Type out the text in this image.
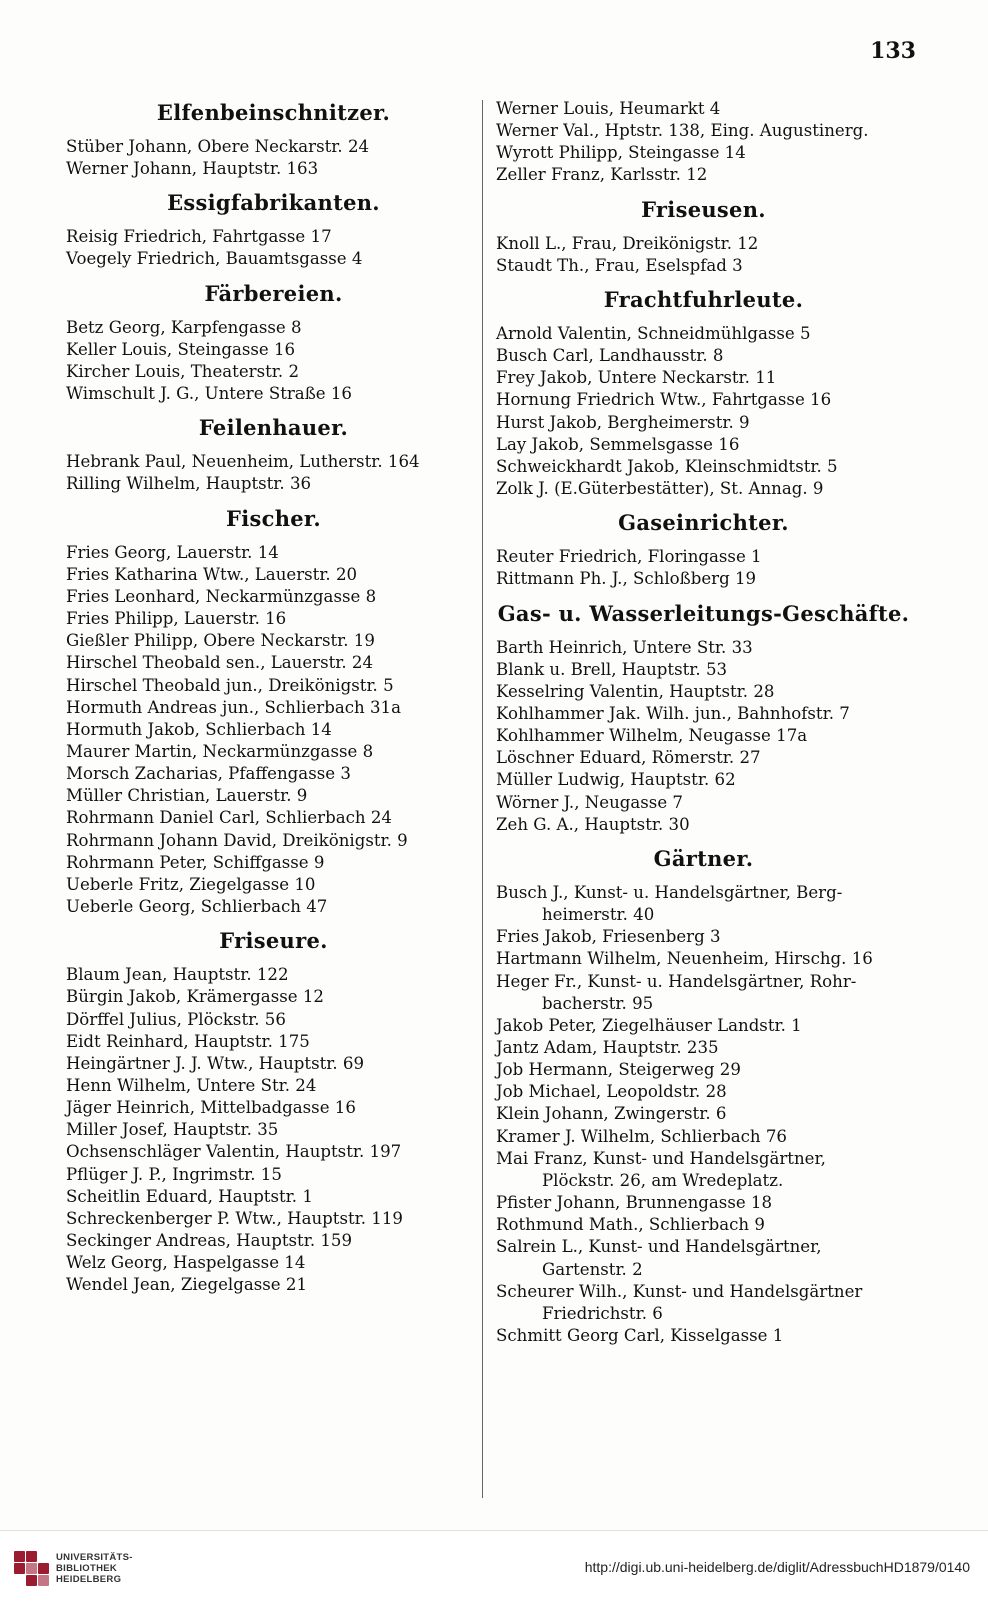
133
Elfenbeinschnitzer.
Stüber Johann, Obere Neckarstr. 24
Werner Johann, Hauptstr. 163
Essigfabrikanten.
Reisig Friedrich, Fahrtgasse 17
Voegely Friedrich, Bauamtsgasse 4
Färbereien.
Betz Georg, Karpfengasse 8
Keller Louis, Steingasse 16
Kircher Louis, Theaterstr. 2
Wimschult J. G., Untere Straße 16
Feilenhauer.
Hebrank Paul, Neuenheim, Lutherstr. 164
Rilling Wilhelm, Hauptstr. 36
Fischer.
Fries Georg, Lauerstr. 14
Fries Katharina Wtw., Lauerstr. 20
Fries Leonhard, Neckarmünzgasse 8
Fries Philipp, Lauerstr. 16
Gießler Philipp, Obere Neckarstr. 19
Hirschel Theobald sen., Lauerstr. 24
Hirschel Theobald jun., Dreikönigstr. 5
Hormuth Andreas jun., Schlierbach 31a
Hormuth Jakob, Schlierbach 14
Maurer Martin, Neckarmünzgasse 8
Morsch Zacharias, Pfaffengasse 3
Müller Christian, Lauerstr. 9
Rohrmann Daniel Carl, Schlierbach 24
Rohrmann Johann David, Dreikönigstr. 9
Rohrmann Peter, Schiffgasse 9
Ueberle Fritz, Ziegelgasse 10
Ueberle Georg, Schlierbach 47
Friseure.
Blaum Jean, Hauptstr. 122
Bürgin Jakob, Krämergasse 12
Dörffel Julius, Plöckstr. 56
Eidt Reinhard, Hauptstr. 175
Heingärtner J. J. Wtw., Hauptstr. 69
Henn Wilhelm, Untere Str. 24
Jäger Heinrich, Mittelbadgasse 16
Miller Josef, Hauptstr. 35
Ochsenschläger Valentin, Hauptstr. 197
Pflüger J. P., Ingrimstr. 15
Scheitlin Eduard, Hauptstr. 1
Schreckenberger P. Wtw., Hauptstr. 119
Seckinger Andreas, Hauptstr. 159
Welz Georg, Haspelgasse 14
Wendel Jean, Ziegelgasse 21
Werner Louis, Heumarkt 4
Werner Val., Hptstr. 138, Eing. Augustinerg.
Wyrott Philipp, Steingasse 14
Zeller Franz, Karlsstr. 12
Friseusen.
Knoll L., Frau, Dreikönigstr. 12
Staudt Th., Frau, Eselspfad 3
Frachtfuhrleute.
Arnold Valentin, Schneidmühlgasse 5
Busch Carl, Landhausstr. 8
Frey Jakob, Untere Neckarstr. 11
Hornung Friedrich Wtw., Fahrtgasse 16
Hurst Jakob, Bergheimerstr. 9
Lay Jakob, Semmelsgasse 16
Schweickhardt Jakob, Kleinschmidtstr. 5
Zolk J. (E.Güterbestätter), St. Annag. 9
Gaseinrichter.
Reuter Friedrich, Floringasse 1
Rittmann Ph. J., Schloßberg 19
Gas- u. Wasserleitungs-Geschäfte.
Barth Heinrich, Untere Str. 33
Blank u. Brell, Hauptstr. 53
Kesselring Valentin, Hauptstr. 28
Kohlhammer Jak. Wilh. jun., Bahnhofstr. 7
Kohlhammer Wilhelm, Neugasse 17a
Löschner Eduard, Römerstr. 27
Müller Ludwig, Hauptstr. 62
Wörner J., Neugasse 7
Zeh G. A., Hauptstr. 30
Gärtner.
Busch J., Kunst- u. Handelsgärtner, Berg-
heimerstr. 40
Fries Jakob, Friesenberg 3
Hartmann Wilhelm, Neuenheim, Hirschg. 16
Heger Fr., Kunst- u. Handelsgärtner, Rohr-
bacherstr. 95
Jakob Peter, Ziegelhäuser Landstr. 1
Jantz Adam, Hauptstr. 235
Job Hermann, Steigerweg 29
Job Michael, Leopoldstr. 28
Klein Johann, Zwingerstr. 6
Kramer J. Wilhelm, Schlierbach 76
Mai Franz, Kunst- und Handelsgärtner,
Plöckstr. 26, am Wredeplatz.
Pfister Johann, Brunnengasse 18
Rothmund Math., Schlierbach 9
Salrein L., Kunst- und Handelsgärtner,
Gartenstr. 2
Scheurer Wilh., Kunst- und Handelsgärtner
Friedrichstr. 6
Schmitt Georg Carl, Kisselgasse 1
UNIVERSITÄTS-
BIBLIOTHEK
HEIDELBERG
http://digi.ub.uni-heidelberg.de/diglit/AdressbuchHD1879/0140
